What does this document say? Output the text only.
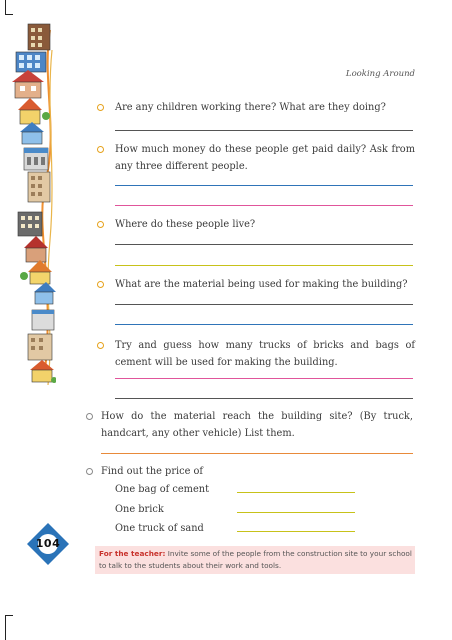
Looking Around
Are any children working there? What are they doing?
How much money do these people get paid daily? Ask from any three different people.
Where do these people live?
What are the material being used for making the building?
Try and guess how many trucks of bricks and bags of cement will be used for making the building.
How do the material reach the building site? (By truck, handcart, any other vehicle) List them.
Find out the price of
One bag of cement
One brick
One truck of sand
104
For the teacher: Invite some of the people from the construction site to your school to talk to the students about their work and tools.
